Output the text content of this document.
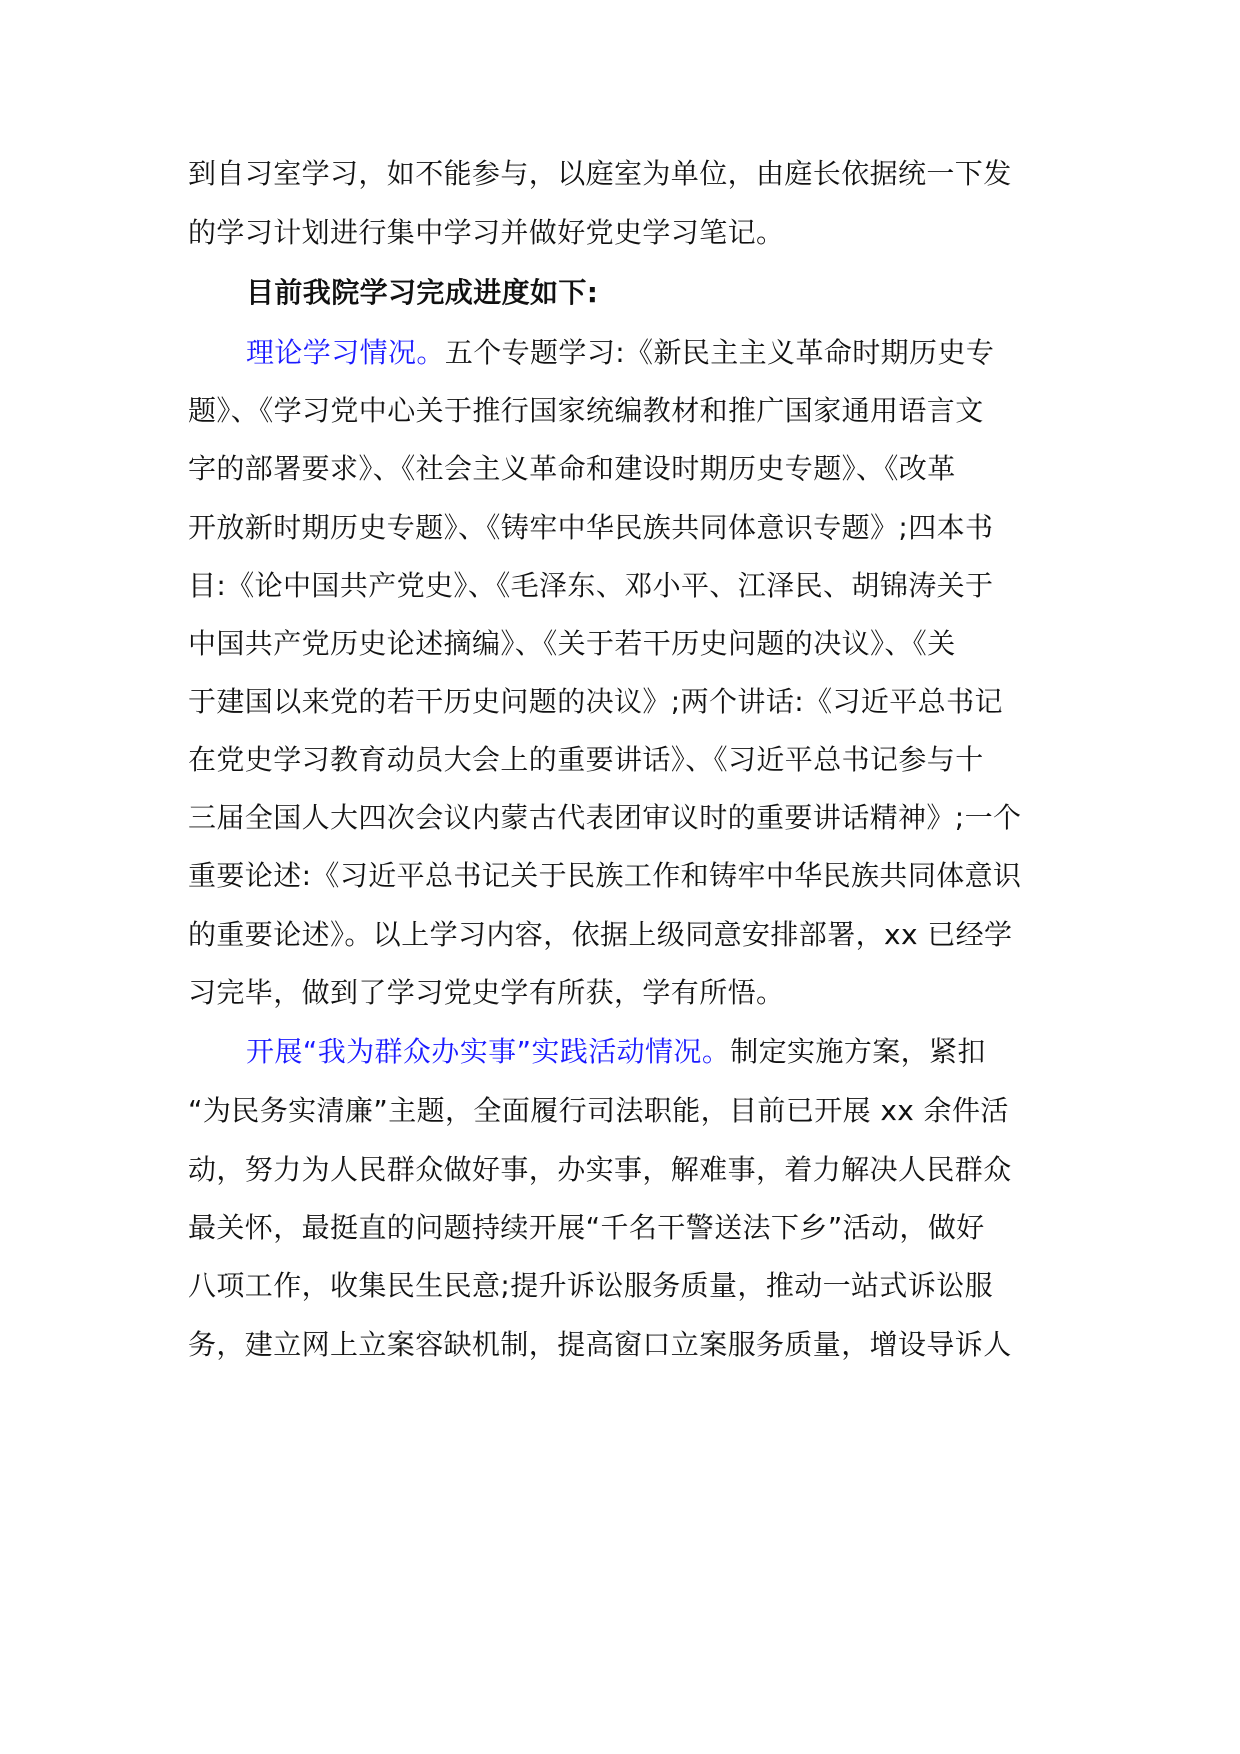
到自习室学习，如不能参与，以庭室为单位，由庭长依据统一下发
的学习计划进行集中学习并做好党史学习笔记。
目前我院学习完成进度如下:
理论学习情况。五个专题学习:《新民主主义革命时期历史专
题》、《学习党中心关于推行国家统编教材和推广国家通用语言文
字的部署要求》、《社会主义革命和建设时期历史专题》、《改革
开放新时期历史专题》、《铸牢中华民族共同体意识专题》;四本书
目:《论中国共产党史》、《毛泽东、邓小平、江泽民、胡锦涛关于
中国共产党历史论述摘编》、《关于若干历史问题的决议》、《关
于建国以来党的若干历史问题的决议》;两个讲话:《习近平总书记
在党史学习教育动员大会上的重要讲话》、《习近平总书记参与十
三届全国人大四次会议内蒙古代表团审议时的重要讲话精神》;一个
重要论述:《习近平总书记关于民族工作和铸牢中华民族共同体意识
的重要论述》。以上学习内容，依据上级同意安排部署，xx 已经学
习完毕，做到了学习党史学有所获，学有所悟。
开展“我为群众办实事”实践活动情况。制定实施方案，紧扣
“为民务实清廉”主题，全面履行司法职能，目前已开展 xx 余件活
动，努力为人民群众做好事，办实事，解难事，着力解决人民群众
最关怀，最挺直的问题持续开展“千名干警送法下乡”活动，做好
八项工作，收集民生民意;提升诉讼服务质量，推动一站式诉讼服
务，建立网上立案容缺机制，提高窗口立案服务质量，增设导诉人
